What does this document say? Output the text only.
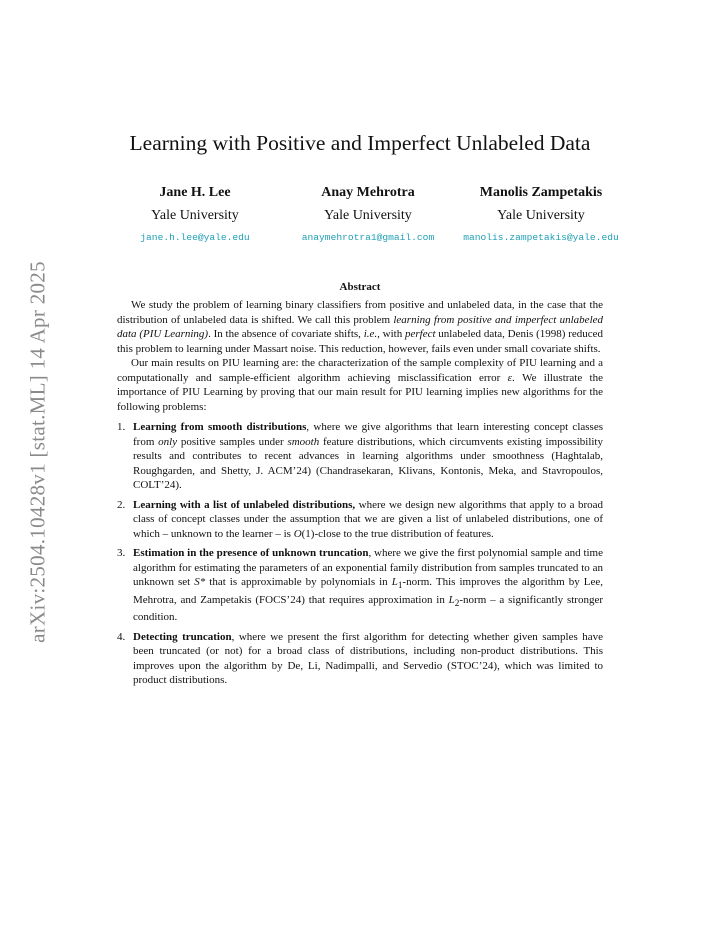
arXiv:2504.10428v1 [stat.ML] 14 Apr 2025
Learning with Positive and Imperfect Unlabeled Data
Jane H. Lee
Yale University
jane.h.lee@yale.edu
Anay Mehrotra
Yale University
anaymehrotra1@gmail.com
Manolis Zampetakis
Yale University
manolis.zampetakis@yale.edu
Abstract

We study the problem of learning binary classifiers from positive and unlabeled data, in the case that the distribution of unlabeled data is shifted. We call this problem learning from positive and imperfect unlabeled data (PIU Learning). In the absence of covariate shifts, i.e., with perfect unlabeled data, Denis (1998) reduced this problem to learning under Massart noise. This reduction, however, fails even under small covariate shifts.

Our main results on PIU learning are: the characterization of the sample complexity of PIU learning and a computationally and sample-efficient algorithm achieving misclassification error ε. We illustrate the importance of PIU Learning by proving that our main result for PIU learning implies new algorithms for the following problems:

1. Learning from smooth distributions, where we give algorithms that learn interesting concept classes from only positive samples under smooth feature distributions, which circumvents existing impossibility results and contributes to recent advances in learning algorithms under smoothness (Haghtalab, Roughgarden, and Shetty, J. ACM’24) (Chandrasekaran, Klivans, Kontonis, Meka, and Stavropoulos, COLT’24).
2. Learning with a list of unlabeled distributions, where we design new algorithms that apply to a broad class of concept classes under the assumption that we are given a list of unlabeled distributions, one of which – unknown to the learner – is O(1)-close to the true distribution of features.
3. Estimation in the presence of unknown truncation, where we give the first polynomial sample and time algorithm for estimating the parameters of an exponential family distribution from samples truncated to an unknown set S* that is approximable by polynomials in $L_1$-norm. This improves the algorithm by Lee, Mehrotra, and Zampetakis (FOCS’24) that requires approximation in $L_2$-norm – a significantly stronger condition.
4. Detecting truncation, where we present the first algorithm for detecting whether given samples have been truncated (or not) for a broad class of distributions, including non-product distributions. This improves upon the algorithm by De, Li, Nadimpalli, and Servedio (STOC’24), which was limited to product distributions.
